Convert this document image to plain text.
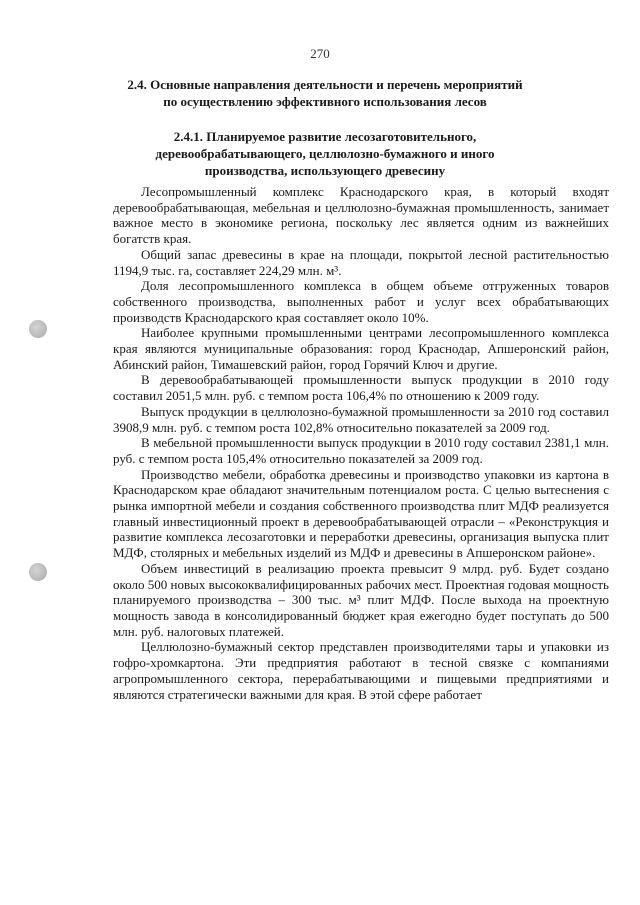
270
2.4. Основные направления деятельности и перечень мероприятий
по осуществлению эффективного использования лесов
2.4.1. Планируемое развитие лесозаготовительного,
деревообрабатывающего, целлюлозно-бумажного и иного
производства, использующего древесину

Лесопромышленный комплекс Краснодарского края, в который входят деревообрабатывающая, мебельная и целлюлозно-бумажная промышленность, занимает важное место в экономике региона, поскольку лес является одним из важнейших богатств края.

Общий запас древесины в крае на площади, покрытой лесной растительностью 1194,9 тыс. га, составляет 224,29 млн. м³.

Доля лесопромышленного комплекса в общем объеме отгруженных товаров собственного производства, выполненных работ и услуг всех обрабатывающих производств Краснодарского края составляет около 10%.

Наиболее крупными промышленными центрами лесопромышленного комплекса края являются муниципальные образования: город Краснодар, Апшеронский район, Абинский район, Тимашевский район, город Горячий Ключ и другие.

В деревообрабатывающей промышленности выпуск продукции в 2010 году составил 2051,5 млн. руб. с темпом роста 106,4% по отношению к 2009 году.

Выпуск продукции в целлюлозно-бумажной промышленности за 2010 год составил 3908,9 млн. руб. с темпом роста 102,8% относительно показателей за 2009 год.

В мебельной промышленности выпуск продукции в 2010 году составил 2381,1 млн. руб. с темпом роста 105,4% относительно показателей за 2009 год.

Производство мебели, обработка древесины и производство упаковки из картона в Краснодарском крае обладают значительным потенциалом роста. С целью вытеснения с рынка импортной мебели и создания собственного производства плит МДФ реализуется главный инвестиционный проект в деревообрабатывающей отрасли – «Реконструкция и развитие комплекса лесозаготовки и переработки древесины, организация выпуска плит МДФ, столярных и мебельных изделий из МДФ и древесины в Апшеронском районе».

Объем инвестиций в реализацию проекта превысит 9 млрд. руб. Будет создано около 500 новых высококвалифицированных рабочих мест. Проектная годовая мощность планируемого производства – 300 тыс. м³ плит МДФ. После выхода на проектную мощность завода в консолидированный бюджет края ежегодно будет поступать до 500 млн. руб. налоговых платежей.

Целлюлозно-бумажный сектор представлен производителями тары и упаковки из гофро-хромкартона. Эти предприятия работают в тесной связке с компаниями агропромышленного сектора, перерабатывающими и пищевыми предприятиями и являются стратегически важными для края. В этой сфере работает
